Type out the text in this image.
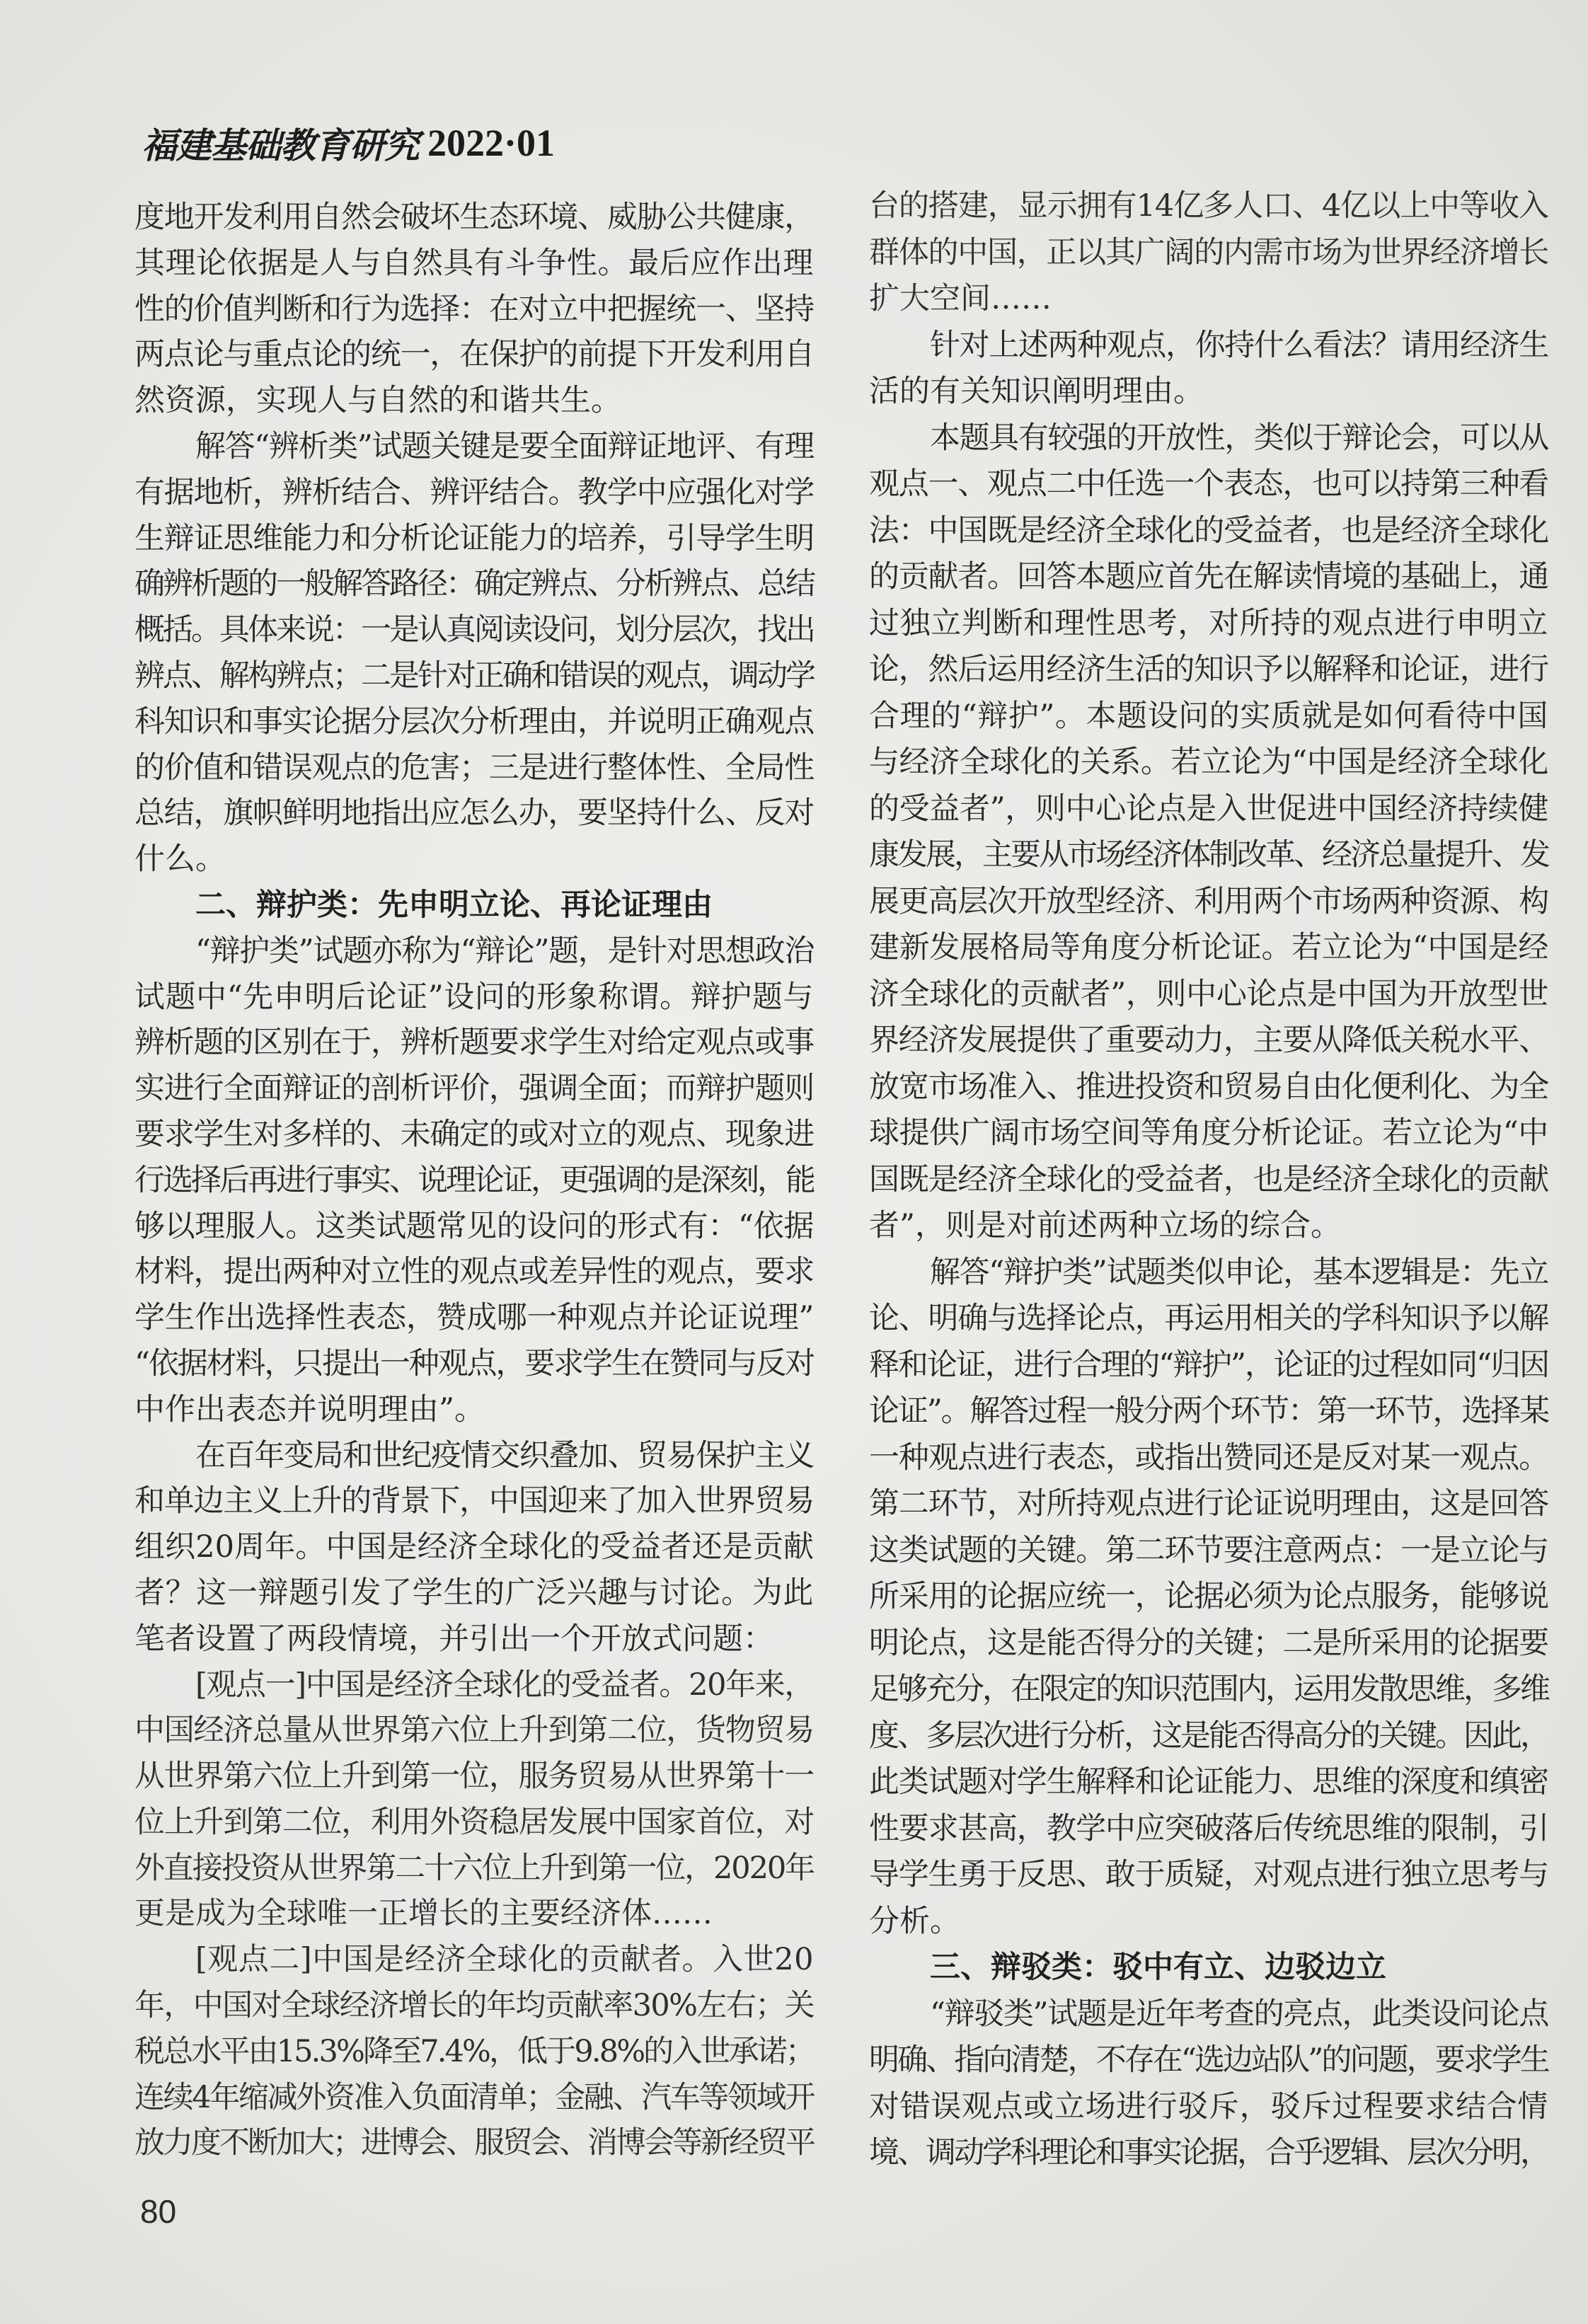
福建基础教育研究 2022·01
度地开发利用自然会破坏生态环境、威胁公共健康，
其理论依据是人与自然具有斗争性。最后应作出理
性的价值判断和行为选择：在对立中把握统一、坚持
两点论与重点论的统一，在保护的前提下开发利用自
然资源，实现人与自然的和谐共生。
解答“辨析类”试题关键是要全面辩证地评、有理
有据地析，辨析结合、辨评结合。教学中应强化对学
生辩证思维能力和分析论证能力的培养，引导学生明
确辨析题的一般解答路径：确定辨点、分析辨点、总结
概括。具体来说：一是认真阅读设问，划分层次，找出
辨点、解构辨点；二是针对正确和错误的观点，调动学
科知识和事实论据分层次分析理由，并说明正确观点
的价值和错误观点的危害；三是进行整体性、全局性
总结，旗帜鲜明地指出应怎么办，要坚持什么、反对
什么。
二、辩护类：先申明立论、再论证理由
“辩护类”试题亦称为“辩论”题，是针对思想政治
试题中“先申明后论证”设问的形象称谓。辩护题与
辨析题的区别在于，辨析题要求学生对给定观点或事
实进行全面辩证的剖析评价，强调全面；而辩护题则
要求学生对多样的、未确定的或对立的观点、现象进
行选择后再进行事实、说理论证，更强调的是深刻，能
够以理服人。这类试题常见的设问的形式有：“依据
材料，提出两种对立性的观点或差异性的观点，要求
学生作出选择性表态，赞成哪一种观点并论证说理”
“依据材料，只提出一种观点，要求学生在赞同与反对
中作出表态并说明理由”。
在百年变局和世纪疫情交织叠加、贸易保护主义
和单边主义上升的背景下，中国迎来了加入世界贸易
组织20周年。中国是经济全球化的受益者还是贡献
者？这一辩题引发了学生的广泛兴趣与讨论。为此
笔者设置了两段情境，并引出一个开放式问题：
[观点一]中国是经济全球化的受益者。20年来，
中国经济总量从世界第六位上升到第二位，货物贸易
从世界第六位上升到第一位，服务贸易从世界第十一
位上升到第二位，利用外资稳居发展中国家首位，对
外直接投资从世界第二十六位上升到第一位，2020年
更是成为全球唯一正增长的主要经济体……
[观点二]中国是经济全球化的贡献者。入世20
年，中国对全球经济增长的年均贡献率30%左右；关
税总水平由15.3%降至7.4%，低于9.8%的入世承诺；
连续4年缩减外资准入负面清单；金融、汽车等领域开
放力度不断加大；进博会、服贸会、消博会等新经贸平
台的搭建，显示拥有14亿多人口、4亿以上中等收入
群体的中国，正以其广阔的内需市场为世界经济增长
扩大空间……
针对上述两种观点，你持什么看法？请用经济生
活的有关知识阐明理由。
本题具有较强的开放性，类似于辩论会，可以从
观点一、观点二中任选一个表态，也可以持第三种看
法：中国既是经济全球化的受益者，也是经济全球化
的贡献者。回答本题应首先在解读情境的基础上，通
过独立判断和理性思考，对所持的观点进行申明立
论，然后运用经济生活的知识予以解释和论证，进行
合理的“辩护”。本题设问的实质就是如何看待中国
与经济全球化的关系。若立论为“中国是经济全球化
的受益者”，则中心论点是入世促进中国经济持续健
康发展，主要从市场经济体制改革、经济总量提升、发
展更高层次开放型经济、利用两个市场两种资源、构
建新发展格局等角度分析论证。若立论为“中国是经
济全球化的贡献者”，则中心论点是中国为开放型世
界经济发展提供了重要动力，主要从降低关税水平、
放宽市场准入、推进投资和贸易自由化便利化、为全
球提供广阔市场空间等角度分析论证。若立论为“中
国既是经济全球化的受益者，也是经济全球化的贡献
者”，则是对前述两种立场的综合。
解答“辩护类”试题类似申论，基本逻辑是：先立
论、明确与选择论点，再运用相关的学科知识予以解
释和论证，进行合理的“辩护”，论证的过程如同“归因
论证”。解答过程一般分两个环节：第一环节，选择某
一种观点进行表态，或指出赞同还是反对某一观点。
第二环节，对所持观点进行论证说明理由，这是回答
这类试题的关键。第二环节要注意两点：一是立论与
所采用的论据应统一，论据必须为论点服务，能够说
明论点，这是能否得分的关键；二是所采用的论据要
足够充分，在限定的知识范围内，运用发散思维，多维
度、多层次进行分析，这是能否得高分的关键。因此，
此类试题对学生解释和论证能力、思维的深度和缜密
性要求甚高，教学中应突破落后传统思维的限制，引
导学生勇于反思、敢于质疑，对观点进行独立思考与
分析。
三、辩驳类：驳中有立、边驳边立
“辩驳类”试题是近年考查的亮点，此类设问论点
明确、指向清楚，不存在“选边站队”的问题，要求学生
对错误观点或立场进行驳斥，驳斥过程要求结合情
境、调动学科理论和事实论据，合乎逻辑、层次分明，
80
